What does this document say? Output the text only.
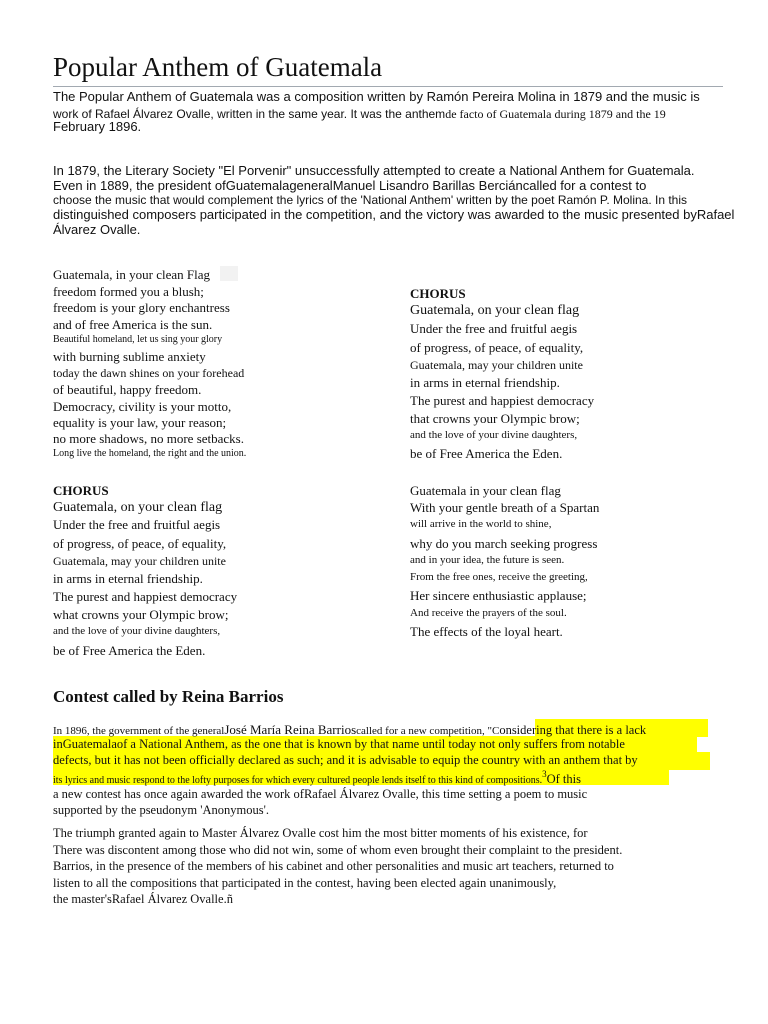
Popular Anthem of Guatemala
The Popular Anthem of Guatemala was a composition written by Ramón Pereira Molina in 1879 and the music is
work of Rafael Álvarez Ovalle, written in the same year. It was the anthemde facto of Guatemala during 1879 and the 19
February 1896.
In 1879, the Literary Society "El Porvenir" unsuccessfully attempted to create a National Anthem for Guatemala.
Even in 1889, the president ofGuatemalageneralManuel Lisandro Barillas Berciáncalled for a contest to
choose the music that would complement the lyrics of the 'National Anthem' written by the poet Ramón P. Molina. In this
distinguished composers participated in the competition, and the victory was awarded to the music presented byRafael
Álvarez Ovalle.
Guatemala, in your clean Flag
freedom formed you a blush;
freedom is your glory enchantress
and of free America is the sun.
Beautiful homeland, let us sing your glory
with burning sublime anxiety
today the dawn shines on your forehead
of beautiful, happy freedom.
Democracy, civility is your motto,
equality is your law, your reason;
no more shadows, no more setbacks.
Long live the homeland, the right and the union.
CHORUS
Guatemala, on your clean flag
Under the free and fruitful aegis
of progress, of peace, of equality,
Guatemala, may your children unite
in arms in eternal friendship.
The purest and happiest democracy
what crowns your Olympic brow;
and the love of your divine daughters,
be of Free America the Eden.
CHORUS
Guatemala, on your clean flag
Under the free and fruitful aegis
of progress, of peace, of equality,
Guatemala, may your children unite
in arms in eternal friendship.
The purest and happiest democracy
that crowns your Olympic brow;
and the love of your divine daughters,
be of Free America the Eden.
Guatemala in your clean flag
With your gentle breath of a Spartan
will arrive in the world to shine,
why do you march seeking progress
and in your idea, the future is seen.
From the free ones, receive the greeting,
Her sincere enthusiastic applause;
And receive the prayers of the soul.
The effects of the loyal heart.
Contest called by Reina Barrios
In 1896, the government of the generalJosé María Reina Barrioscalled for a new competition, "Considering that there is a lack
inGuatemalaof a National Anthem, as the one that is known by that name until today not only suffers from notable
defects, but it has not been officially declared as such; and it is advisable to equip the country with an anthem that by
its lyrics and music respond to the lofty purposes for which every cultured people lends itself to this kind of compositions.$^3$Of this
a new contest has once again awarded the work ofRafael Álvarez Ovalle, this time setting a poem to music
supported by the pseudonym 'Anonymous'.
The triumph granted again to Master Álvarez Ovalle cost him the most bitter moments of his existence, for
There was discontent among those who did not win, some of whom even brought their complaint to the president.
Barrios, in the presence of the members of his cabinet and other personalities and music art teachers, returned to
listen to all the compositions that participated in the contest, having been elected again unanimously,
the master'sRafael Álvarez Ovalle.ñ
